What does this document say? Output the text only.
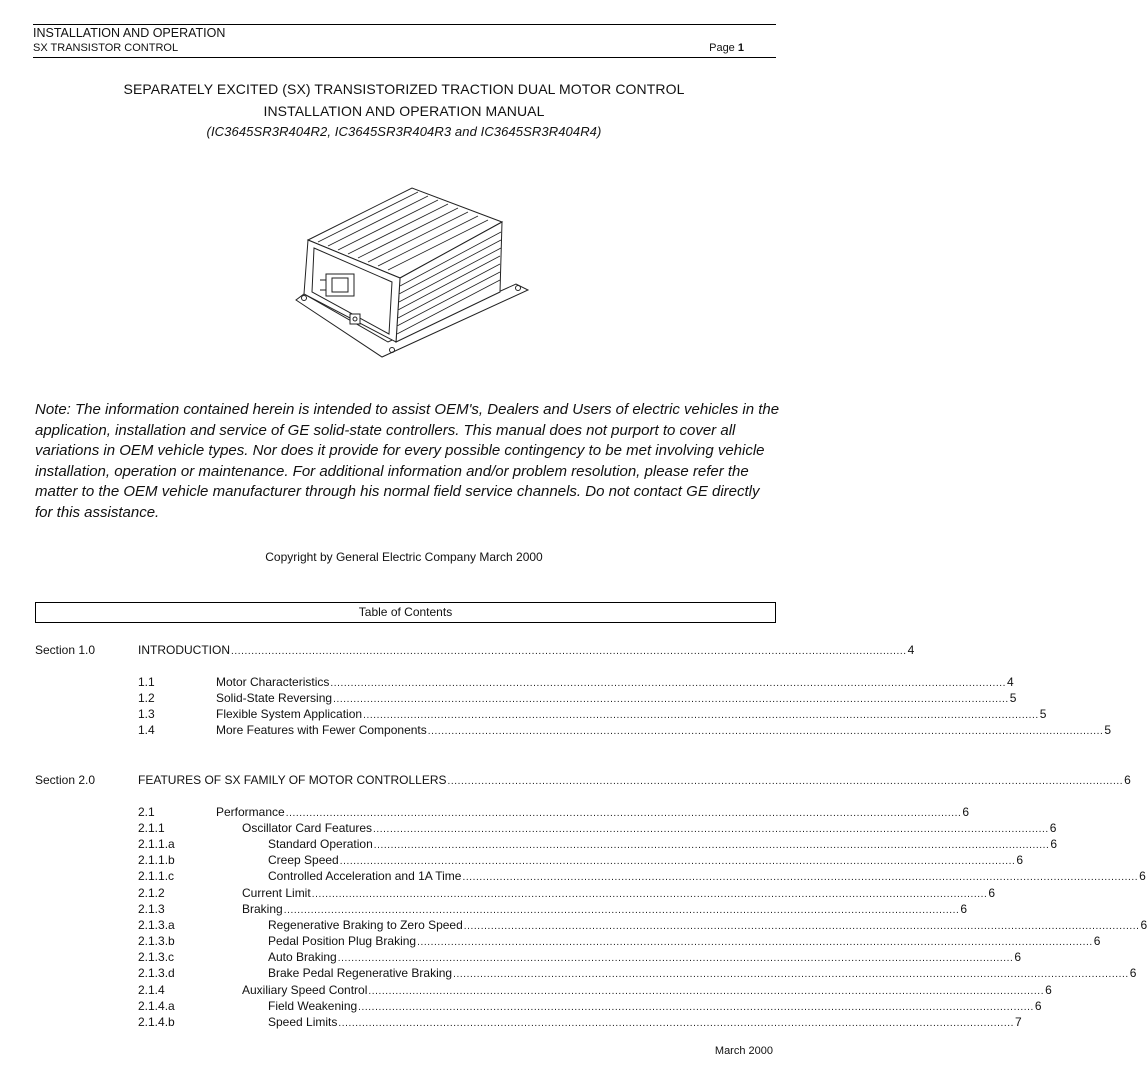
INSTALLATION AND OPERATION
SX TRANSISTOR CONTROL	Page 1
SEPARATELY EXCITED (SX) TRANSISTORIZED TRACTION DUAL MOTOR CONTROL
INSTALLATION AND OPERATION MANUAL
(IC3645SR3R404R2, IC3645SR3R404R3 and IC3645SR3R404R4)
Note: The information contained herein is intended to assist OEM's, Dealers and Users of electric vehicles in the application, installation and service of GE solid-state controllers. This manual does not purport to cover all variations in OEM vehicle types. Nor does it provide for every possible contingency to be met involving vehicle installation, operation or maintenance. For additional information and/or problem resolution, please refer the matter to the OEM vehicle manufacturer through his normal field service channels. Do not contact GE directly for this assistance.
Copyright by General Electric Company March 2000
Table of Contents
Section 1.0	INTRODUCTION ........................................................................................................................................................................................................ 4
1.1	Motor Characteristics ........................................................................................................................................................................................................ 4
1.2	Solid-State Reversing ........................................................................................................................................................................................................ 5
1.3	Flexible System Application ........................................................................................................................................................................................................ 5
1.4	More Features with Fewer Components ........................................................................................................................................................................................................ 5
Section 2.0	FEATURES OF SX FAMILY OF MOTOR CONTROLLERS ........................................................................................................................................................................................................ 6
2.1	Performance ........................................................................................................................................................................................................ 6
2.1.1	Oscillator Card Features ........................................................................................................................................................................................................ 6
2.1.1.a	Standard Operation ........................................................................................................................................................................................................ 6
2.1.1.b	Creep Speed ........................................................................................................................................................................................................ 6
2.1.1.c	Controlled Acceleration and 1A Time ........................................................................................................................................................................................................ 6
2.1.2	Current Limit ........................................................................................................................................................................................................ 6
2.1.3	Braking ........................................................................................................................................................................................................ 6
2.1.3.a	Regenerative Braking to Zero Speed ........................................................................................................................................................................................................ 6
2.1.3.b	Pedal Position Plug Braking ........................................................................................................................................................................................................ 6
2.1.3.c	Auto Braking ........................................................................................................................................................................................................ 6
2.1.3.d	Brake Pedal Regenerative Braking ........................................................................................................................................................................................................ 6
2.1.4	Auxiliary Speed Control ........................................................................................................................................................................................................ 6
2.1.4.a	Field Weakening ........................................................................................................................................................................................................ 6
2.1.4.b	Speed Limits ........................................................................................................................................................................................................ 7
March 2000
